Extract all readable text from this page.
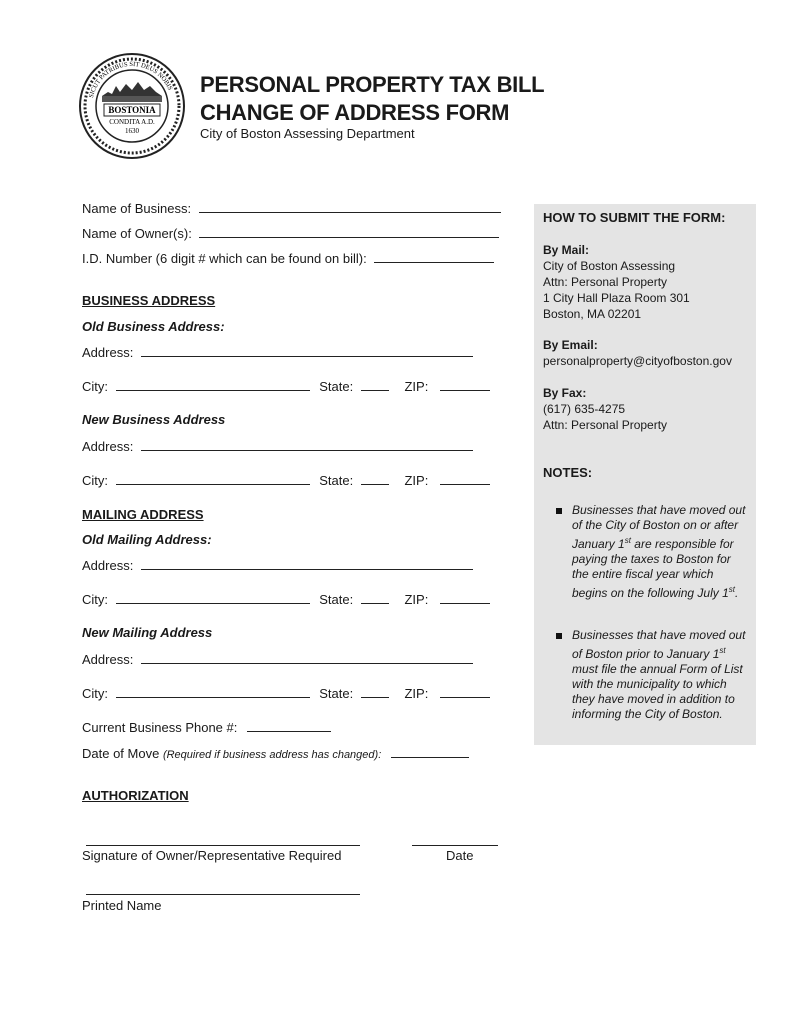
BOSTONIA
CONDITA A.D.
1630
SICUT PATRIBUS SIT DEUS NOBIS PERSONAL PROPERTY TAX BILL
CHANGE OF ADDRESS FORM
City of Boston Assessing Department
Name of Business:
Name of Owner(s):
I.D. Number (6 digit # which can be found on bill):
BUSINESS ADDRESS
Old Business Address:
Address:
City:	State:	ZIP:
New Business Address
Address:
City:	State:	ZIP:
MAILING ADDRESS
Old Mailing Address:
Address:
City:	State:	ZIP:
New Mailing Address
Address:
City:	State:	ZIP:
Current Business Phone #:
Date of Move (Required if business address has changed):
AUTHORIZATION
Signature of Owner/Representative Required	Date
Printed Name
HOW TO SUBMIT THE FORM:
By Mail:
City of Boston Assessing
Attn: Personal Property
1 City Hall Plaza Room 301
Boston, MA 02201
By Email:
personalproperty@cityofboston.gov
By Fax:
(617) 635-4275
Attn: Personal Property
NOTES:
Businesses that have moved out of the City of Boston on or after January 1st are responsible for paying the taxes to Boston for the entire fiscal year which begins on the following July 1st.
Businesses that have moved out of Boston prior to January 1st must file the annual Form of List with the municipality to which they have moved in addition to informing the City of Boston.
